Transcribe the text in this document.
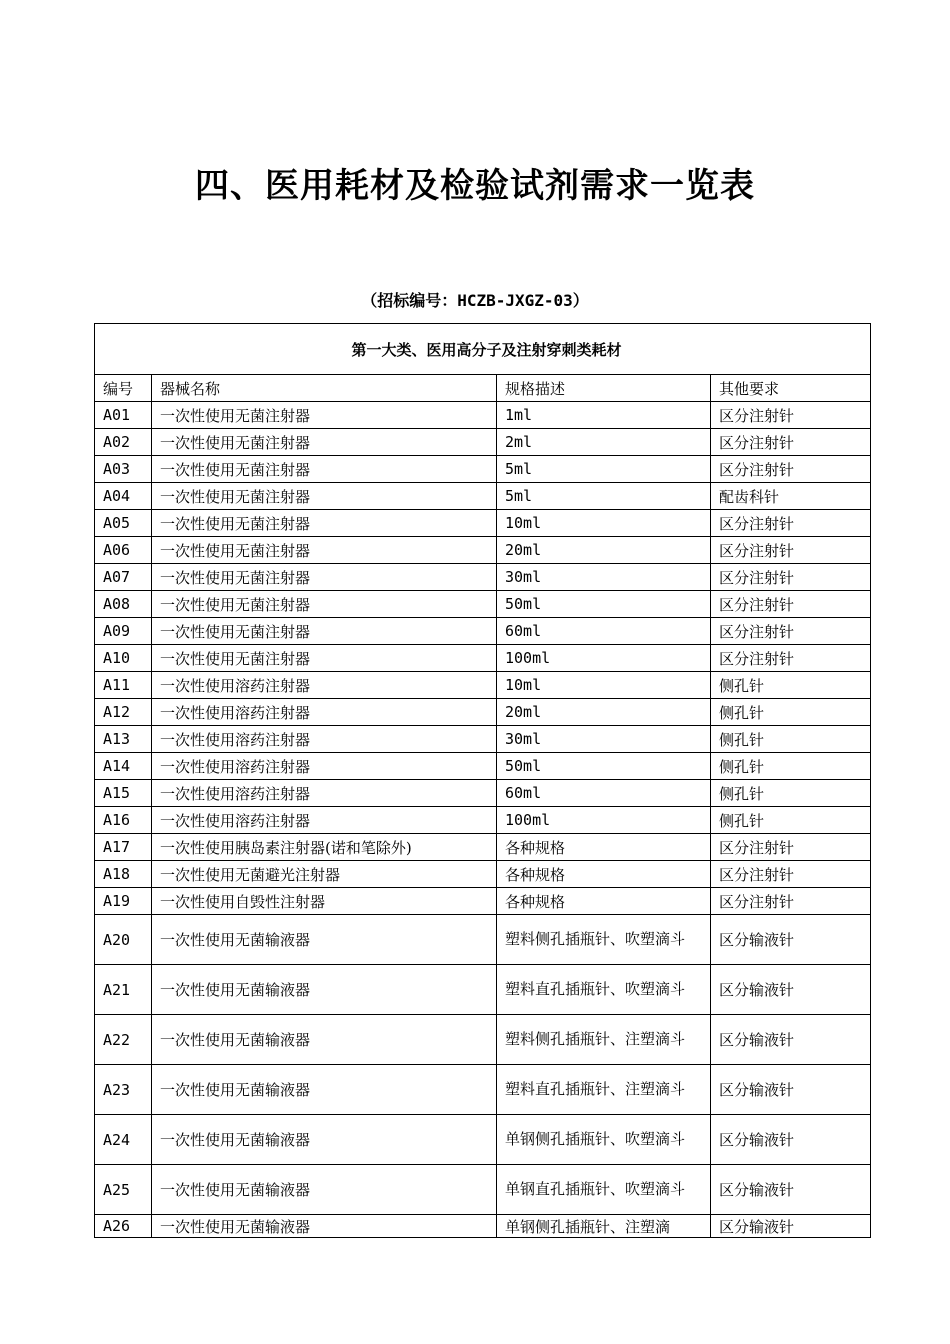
四、医用耗材及检验试剂需求一览表
（招标编号：HCZB-JXGZ-03）
第一大类、医用高分子及注射穿刺类耗材			
编号	器械名称	规格描述	其他要求
A01	一次性使用无菌注射器	1ml	区分注射针
A02	一次性使用无菌注射器	2ml	区分注射针
A03	一次性使用无菌注射器	5ml	区分注射针
A04	一次性使用无菌注射器	5ml	配齿科针
A05	一次性使用无菌注射器	10ml	区分注射针
A06	一次性使用无菌注射器	20ml	区分注射针
A07	一次性使用无菌注射器	30ml	区分注射针
A08	一次性使用无菌注射器	50ml	区分注射针
A09	一次性使用无菌注射器	60ml	区分注射针
A10	一次性使用无菌注射器	100ml	区分注射针
A11	一次性使用溶药注射器	10ml	侧孔针
A12	一次性使用溶药注射器	20ml	侧孔针
A13	一次性使用溶药注射器	30ml	侧孔针
A14	一次性使用溶药注射器	50ml	侧孔针
A15	一次性使用溶药注射器	60ml	侧孔针
A16	一次性使用溶药注射器	100ml	侧孔针
A17	一次性使用胰岛素注射器(诺和笔除外)	各种规格	区分注射针
A18	一次性使用无菌避光注射器	各种规格	区分注射针
A19	一次性使用自毁性注射器	各种规格	区分注射针
A20	一次性使用无菌输液器	塑料侧孔插瓶针、吹塑滴斗	区分输液针
A21	一次性使用无菌输液器	塑料直孔插瓶针、吹塑滴斗	区分输液针
A22	一次性使用无菌输液器	塑料侧孔插瓶针、注塑滴斗	区分输液针
A23	一次性使用无菌输液器	塑料直孔插瓶针、注塑滴斗	区分输液针
A24	一次性使用无菌输液器	单钢侧孔插瓶针、吹塑滴斗	区分输液针
A25	一次性使用无菌输液器	单钢直孔插瓶针、吹塑滴斗	区分输液针
A26	一次性使用无菌输液器	单钢侧孔插瓶针、注塑滴	区分输液针
